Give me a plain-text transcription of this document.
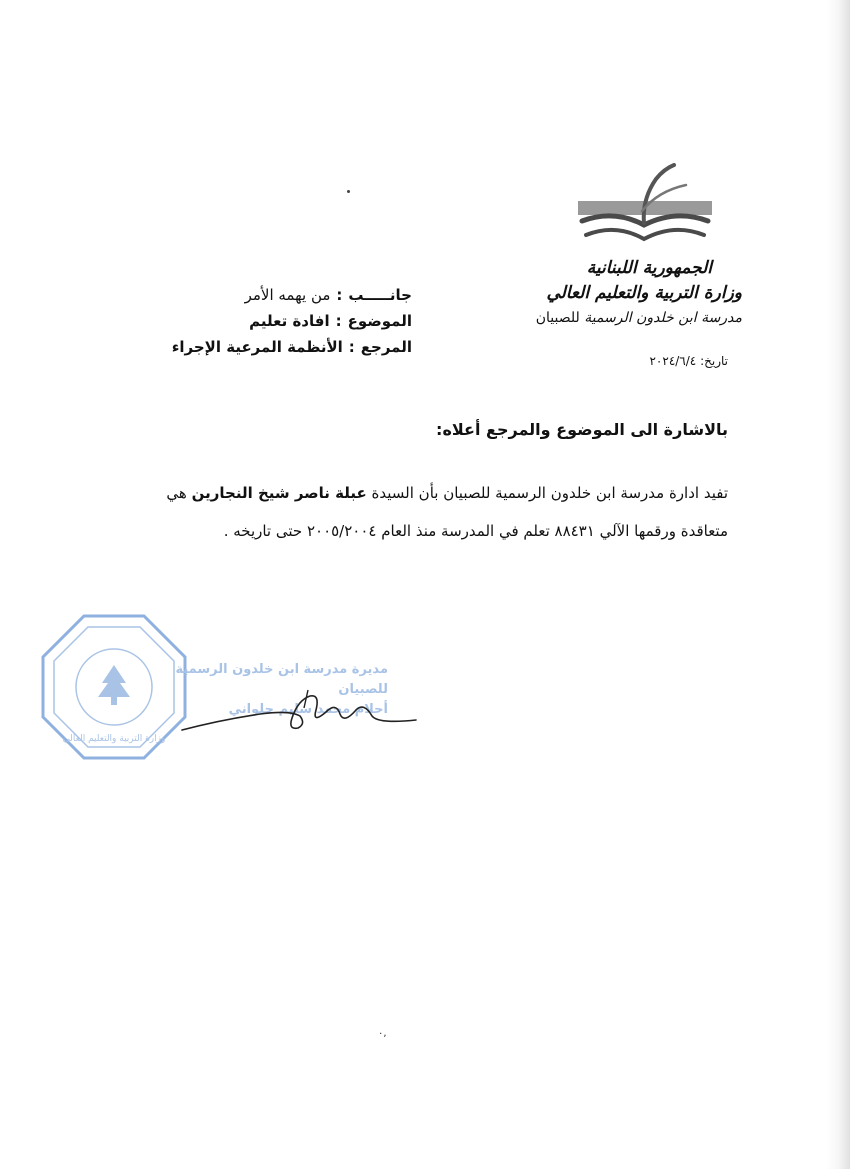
الجمهورية اللبنانية
وزارة التربية والتعليم العالي
مدرسة ابن خلدون الرسمية للصبيان
تاريخ: ٢٠٢٤/٦/٤
جانـــــب
:
من يهمه الأمر
الموضوع
:
افادة تعليم
المرجع
:
الأنظمة المرعية الإجراء
بالاشارة الى الموضوع والمرجع أعلاه:
تفيد ادارة مدرسة ابن خلدون الرسمية للصبيان بأن السيدة عبلة ناصر شيخ النجارين هي
متعاقدة ورقمها الآلي ٨٨٤٣١ تعلم في المدرسة منذ العام ٢٠٠٥/٢٠٠٤ حتى تاريخه .
وزارة التربية والتعليم العالي
مديرة مدرسة ابن خلدون الرسمية
للصبيان
أحلام محمد سليم حلواني
٠,
